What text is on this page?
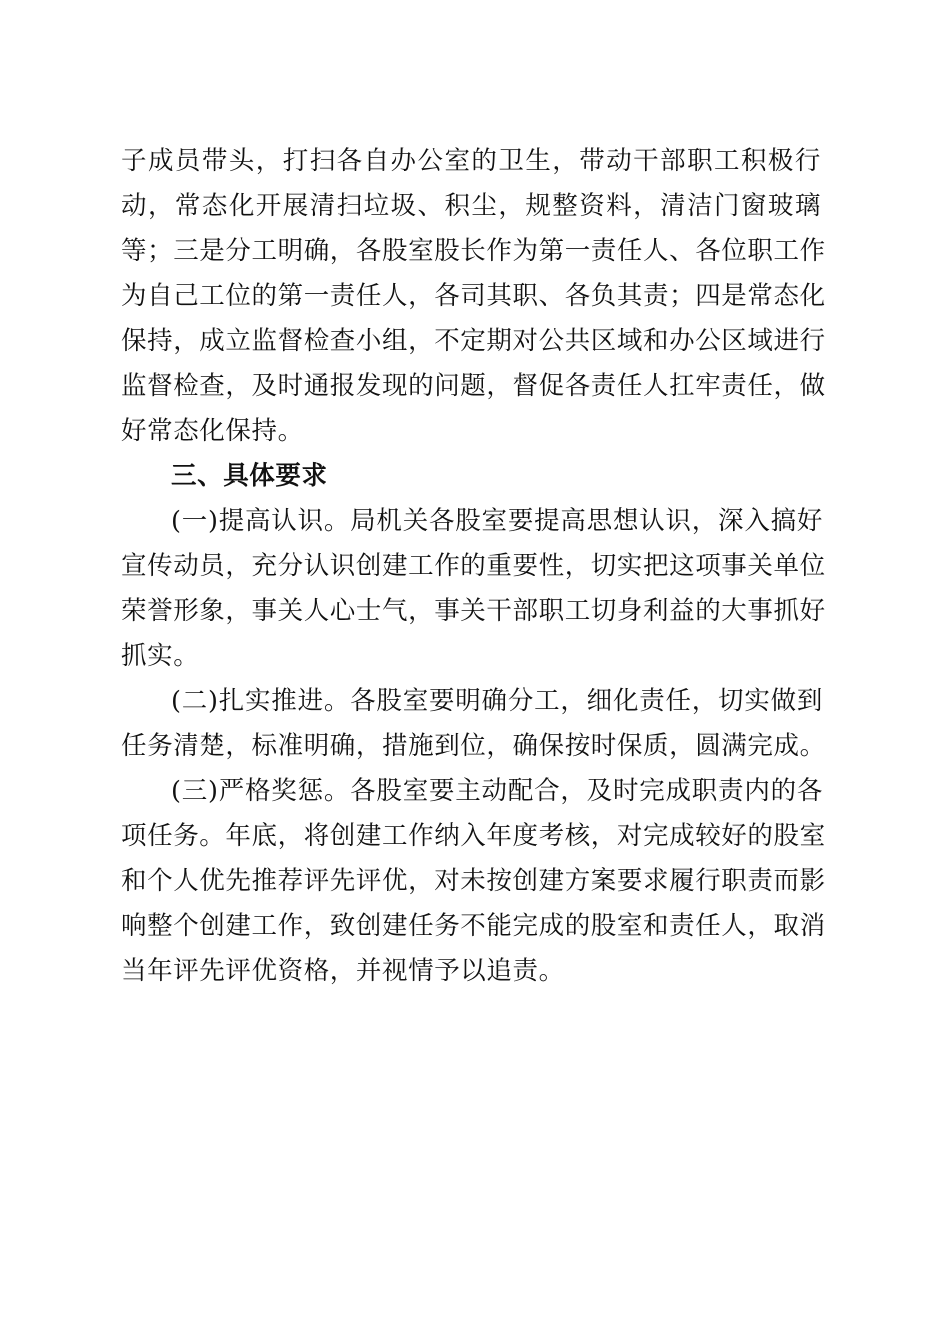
子成员带头，打扫各自办公室的卫生，带动干部职工积极行
动，常态化开展清扫垃圾、积尘，规整资料，清洁门窗玻璃
等；三是分工明确，各股室股长作为第一责任人、各位职工作
为自己工位的第一责任人，各司其职、各负其责；四是常态化
保持，成立监督检查小组，不定期对公共区域和办公区域进行
监督检查，及时通报发现的问题，督促各责任人扛牢责任，做
好常态化保持。
三、具体要求
(一)提高认识。局机关各股室要提高思想认识，深入搞好
宣传动员，充分认识创建工作的重要性，切实把这项事关单位
荣誉形象，事关人心士气，事关干部职工切身利益的大事抓好
抓实。
(二)扎实推进。各股室要明确分工，细化责任，切实做到
任务清楚，标准明确，措施到位，确保按时保质，圆满完成。
(三)严格奖惩。各股室要主动配合，及时完成职责内的各
项任务。年底，将创建工作纳入年度考核，对完成较好的股室
和个人优先推荐评先评优，对未按创建方案要求履行职责而影
响整个创建工作，致创建任务不能完成的股室和责任人，取消
当年评先评优资格，并视情予以追责。
